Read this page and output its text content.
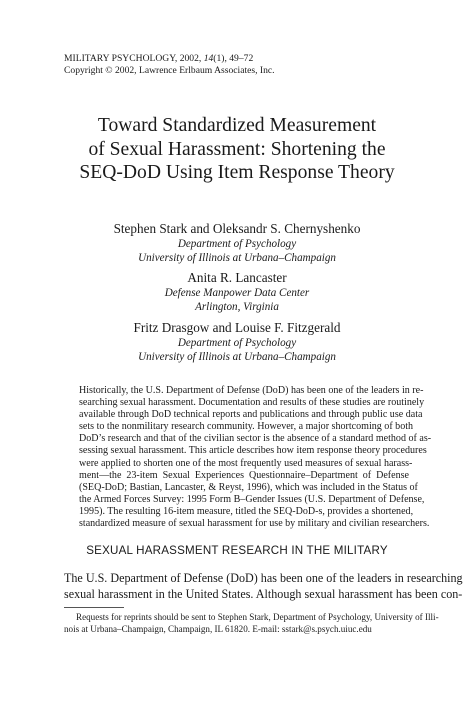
MILITARY PSYCHOLOGY, 2002, 14(1), 49–72
Copyright © 2002, Lawrence Erlbaum Associates, Inc.
Toward Standardized Measurement
of Sexual Harassment: Shortening the
SEQ-DoD Using Item Response Theory
Stephen Stark and Oleksandr S. Chernyshenko
Department of Psychology
University of Illinois at Urbana–Champaign
Anita R. Lancaster
Defense Manpower Data Center
Arlington, Virginia
Fritz Drasgow and Louise F. Fitzgerald
Department of Psychology
University of Illinois at Urbana–Champaign
Historically, the U.S. Department of Defense (DoD) has been one of the leaders in re-
searching sexual harassment. Documentation and results of these studies are routinely
available through DoD technical reports and publications and through public use data
sets to the nonmilitary research community. However, a major shortcoming of both
DoD’s research and that of the civilian sector is the absence of a standard method of as-
sessing sexual harassment. This article describes how item response theory procedures
were applied to shorten one of the most frequently used measures of sexual harass-
ment—the 23-item Sexual Experiences Questionnaire–Department of Defense
(SEQ-DoD; Bastian, Lancaster, & Reyst, 1996), which was included in the Status of
the Armed Forces Survey: 1995 Form B–Gender Issues (U.S. Department of Defense,
1995). The resulting 16-item measure, titled the SEQ-DoD-s, provides a shortened,
standardized measure of sexual harassment for use by military and civilian researchers.
SEXUAL HARASSMENT RESEARCH IN THE MILITARY
The U.S. Department of Defense (DoD) has been one of the leaders in researching
sexual harassment in the United States. Although sexual harassment has been con-
Requests for reprints should be sent to Stephen Stark, Department of Psychology, University of Illi-
nois at Urbana–Champaign, Champaign, IL 61820. E-mail: sstark@s.psych.uiuc.edu
